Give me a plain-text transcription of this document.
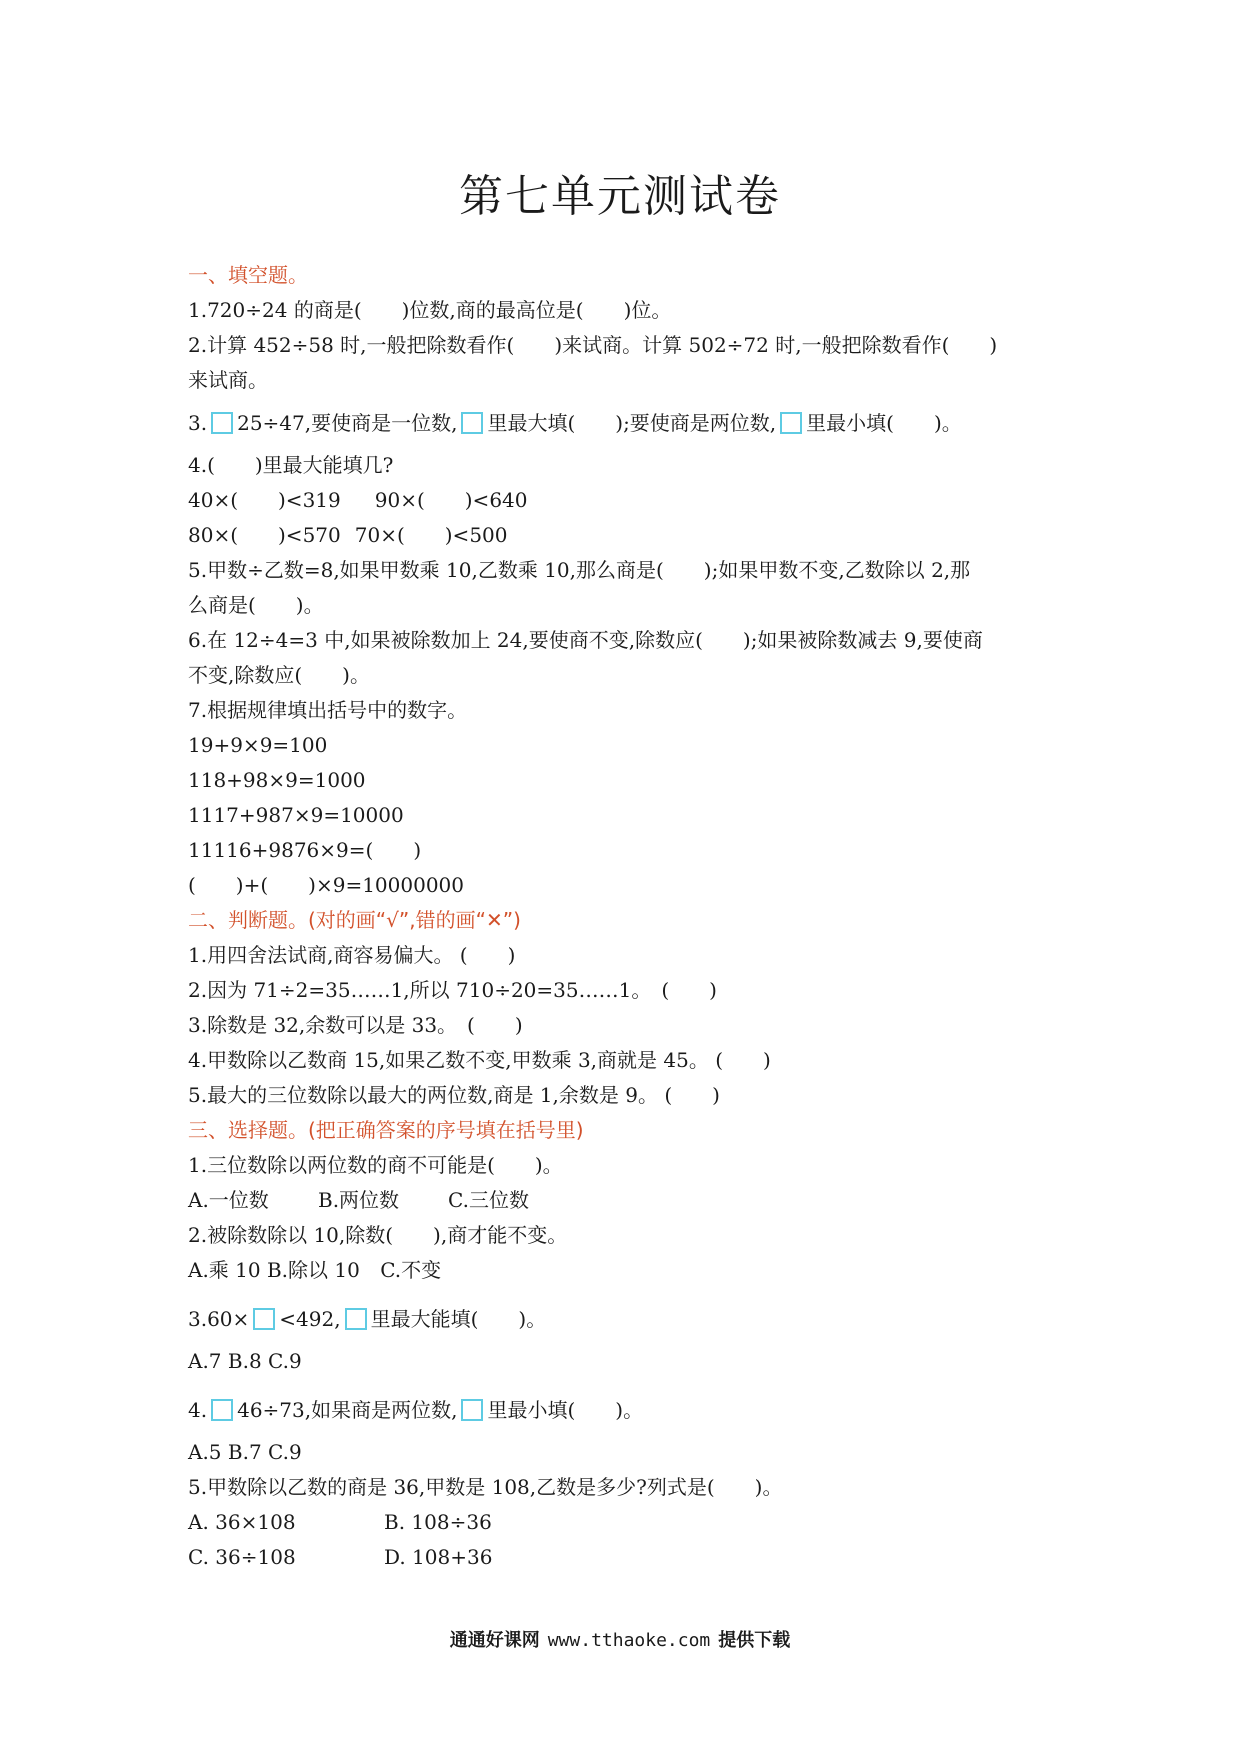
第七单元测试卷
一、填空题。
1.720÷24 的商是(　　)位数,商的最高位是(　　)位。
2.计算 452÷58 时,一般把除数看作(　　)来试商。计算 502÷72 时,一般把除数看作(　　)
来试商。
3. 25÷47,要使商是一位数, 里最大填(　　);要使商是两位数, 里最小填(　　)。
4.(　　)里最大能填几?
40×(　　)<319 90×(　　)<640
80×(　　)<570 70×(　　)<500
5.甲数÷乙数=8,如果甲数乘 10,乙数乘 10,那么商是(　　);如果甲数不变,乙数除以 2,那
么商是(　　)。
6.在 12÷4=3 中,如果被除数加上 24,要使商不变,除数应(　　);如果被除数减去 9,要使商
不变,除数应(　　)。
7.根据规律填出括号中的数字。
19+9×9=100
118+98×9=1000
1117+987×9=10000
11116+9876×9=(　　)
(　　)+(　　)×9=10000000
二、判断题。(对的画“√”,错的画“✕”)
1.用四舍法试商,商容易偏大。 (　　)
2.因为 71÷2=35……1,所以 710÷20=35……1。　(　　)
3.除数是 32,余数可以是 33。　(　　)
4.甲数除以乙数商 15,如果乙数不变,甲数乘 3,商就是 45。 (　　)
5.最大的三位数除以最大的两位数,商是 1,余数是 9。 (　　)
三、选择题。(把正确答案的序号填在括号里)
1.三位数除以两位数的商不可能是(　　)。
A.一位数 B.两位数 C.三位数
2.被除数除以 10,除数(　　),商才能不变。
A.乘 10 B.除以 10 C.不变
3.60× <492, 里最大能填(　　)。
A.7 B.8 C.9
4. 46÷73,如果商是两位数, 里最小填(　　)。
A.5 B.7 C.9
5.甲数除以乙数的商是 36,甲数是 108,乙数是多少?列式是(　　)。
A. 36×108	B. 108÷36
C. 36÷108	D. 108+36
通通好课网 www.tthaoke.com 提供下载
